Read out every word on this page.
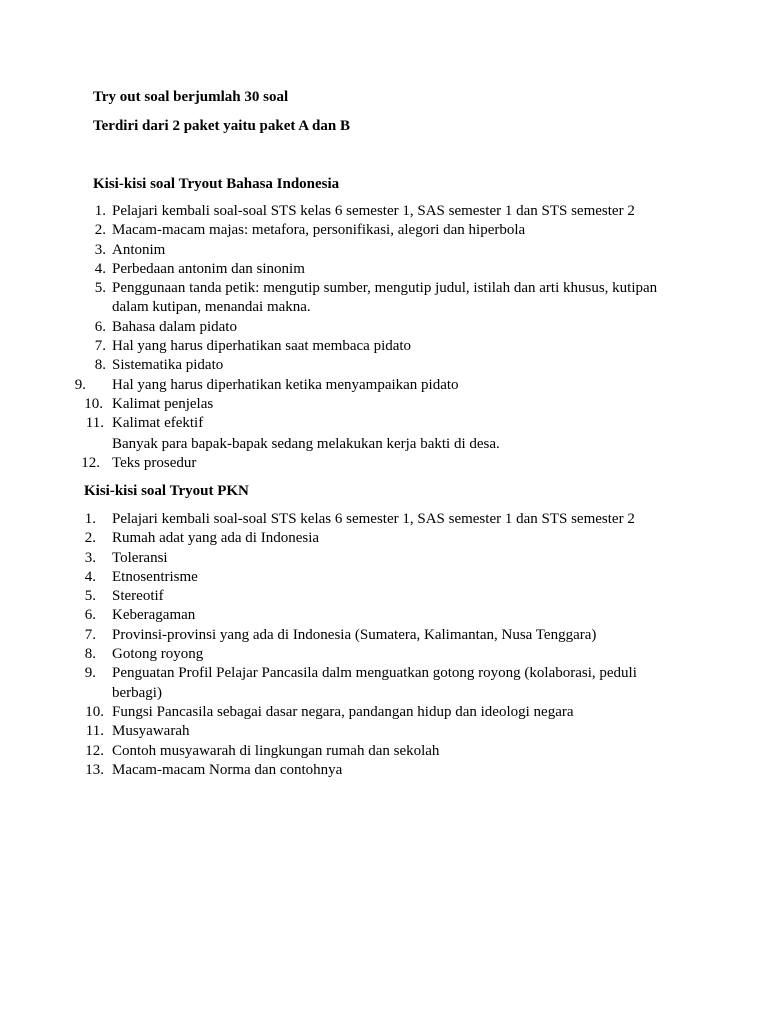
Try out soal berjumlah 30 soal
Terdiri dari 2 paket yaitu paket A dan B
Kisi-kisi soal Tryout Bahasa Indonesia
1. Pelajari kembali soal-soal STS kelas 6 semester 1, SAS semester 1 dan STS semester 2
2. Macam-macam majas: metafora, personifikasi, alegori dan hiperbola
3. Antonim
4. Perbedaan antonim dan sinonim
5. Penggunaan tanda petik: mengutip sumber, mengutip judul, istilah dan arti khusus, kutipan dalam kutipan, menandai makna.
6. Bahasa dalam pidato
7. Hal yang harus diperhatikan saat membaca pidato
8. Sistematika pidato
9. Hal yang harus diperhatikan ketika menyampaikan pidato
10. Kalimat penjelas
11. Kalimat efektif
Banyak para bapak-bapak sedang melakukan kerja bakti di desa.
12. Teks prosedur
Kisi-kisi soal Tryout PKN
1. Pelajari kembali soal-soal STS kelas 6 semester 1, SAS semester 1 dan STS semester 2
2. Rumah adat yang ada di Indonesia
3. Toleransi
4. Etnosentrisme
5. Stereotif
6. Keberagaman
7. Provinsi-provinsi yang ada di Indonesia (Sumatera, Kalimantan, Nusa Tenggara)
8. Gotong royong
9. Penguatan Profil Pelajar Pancasila dalm menguatkan gotong royong (kolaborasi, peduli berbagi)
10. Fungsi Pancasila sebagai dasar negara, pandangan hidup dan ideologi negara
11. Musyawarah
12. Contoh musyawarah di lingkungan rumah dan sekolah
13. Macam-macam Norma dan contohnya
